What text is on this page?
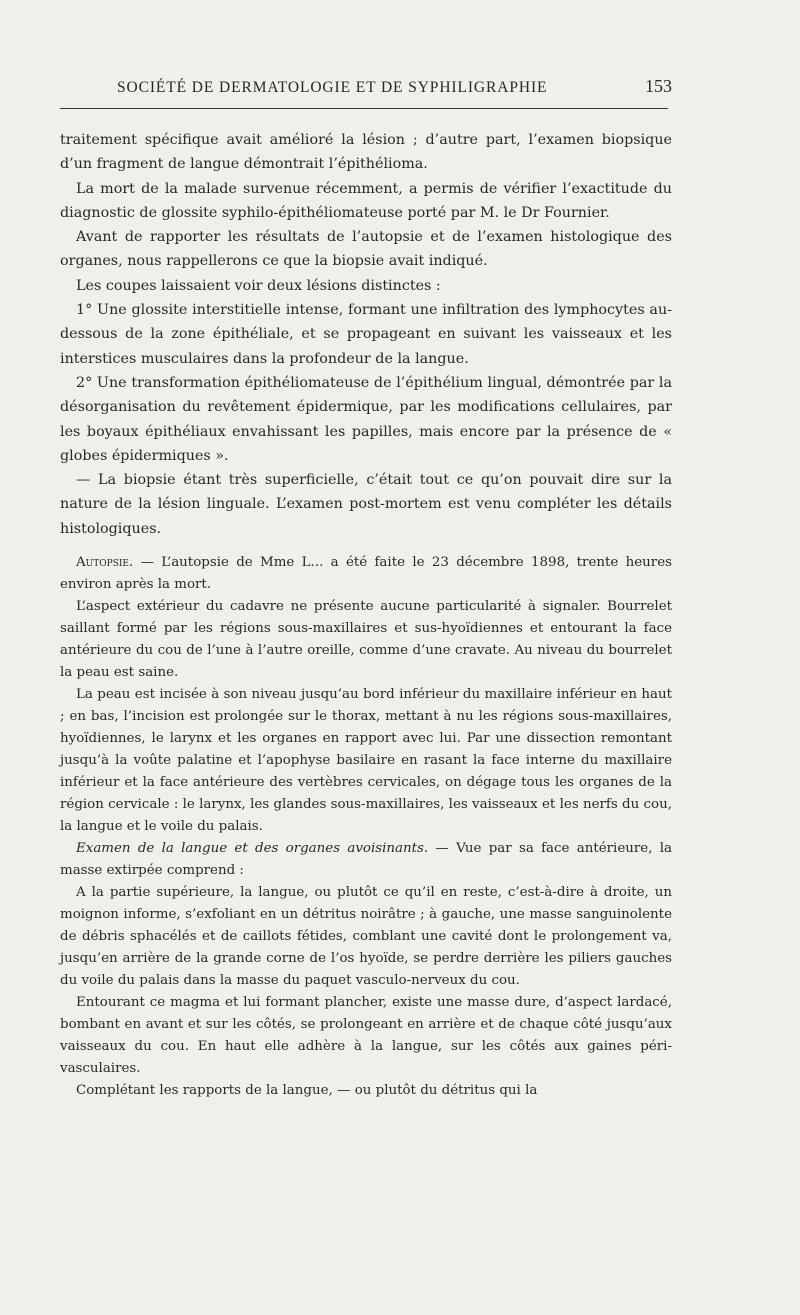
SOCIÉTÉ DE DERMATOLOGIE ET DE SYPHILIGRAPHIE	153

traitement spécifique avait amélioré la lésion ; d’autre part, l’examen biopsique d’un fragment de langue démontrait l’épithélioma.

La mort de la malade survenue récemment, a permis de vérifier l’exactitude du diagnostic de glossite syphilo-épithéliomateuse porté par M. le Dr Fournier.

Avant de rapporter les résultats de l’autopsie et de l’examen histologique des organes, nous rappellerons ce que la biopsie avait indiqué.

Les coupes laissaient voir deux lésions distinctes :

1° Une glossite interstitielle intense, formant une infiltration des lymphocytes au-dessous de la zone épithéliale, et se propageant en suivant les vaisseaux et les interstices musculaires dans la profondeur de la langue.

2° Une transformation épithéliomateuse de l’épithélium lingual, démontrée par la désorganisation du revêtement épidermique, par les modifications cellulaires, par les boyaux épithéliaux envahissant les papilles, mais encore par la présence de « globes épidermiques ».

— La biopsie étant très superficielle, c’était tout ce qu’on pouvait dire sur la nature de la lésion linguale. L’examen post-mortem est venu compléter les détails histologiques.

Autopsie. — L’autopsie de Mme L... a été faite le 23 décembre 1898, trente heures environ après la mort.

L’aspect extérieur du cadavre ne présente aucune particularité à signaler. Bourrelet saillant formé par les régions sous-maxillaires et sus-hyoïdiennes et entourant la face antérieure du cou de l’une à l’autre oreille, comme d’une cravate. Au niveau du bourrelet la peau est saine.

La peau est incisée à son niveau jusqu’au bord inférieur du maxillaire inférieur en haut ; en bas, l’incision est prolongée sur le thorax, mettant à nu les régions sous-maxillaires, hyoïdiennes, le larynx et les organes en rapport avec lui. Par une dissection remontant jusqu’à la voûte palatine et l’apophyse basilaire en rasant la face interne du maxillaire inférieur et la face antérieure des vertèbres cervicales, on dégage tous les organes de la région cervicale : le larynx, les glandes sous-maxillaires, les vaisseaux et les nerfs du cou, la langue et le voile du palais.

Examen de la langue et des organes avoisinants. — Vue par sa face antérieure, la masse extirpée comprend :

A la partie supérieure, la langue, ou plutôt ce qu’il en reste, c’est-à-dire à droite, un moignon informe, s’exfoliant en un détritus noirâtre ; à gauche, une masse sanguinolente de débris sphacélés et de caillots fétides, comblant une cavité dont le prolongement va, jusqu’en arrière de la grande corne de l’os hyoïde, se perdre derrière les piliers gauches du voile du palais dans la masse du paquet vasculo-nerveux du cou.

Entourant ce magma et lui formant plancher, existe une masse dure, d’aspect lardacé, bombant en avant et sur les côtés, se prolongeant en arrière et de chaque côté jusqu’aux vaisseaux du cou. En haut elle adhère à la langue, sur les côtés aux gaines péri-vasculaires.

Complétant les rapports de la langue, — ou plutôt du détritus qui la
